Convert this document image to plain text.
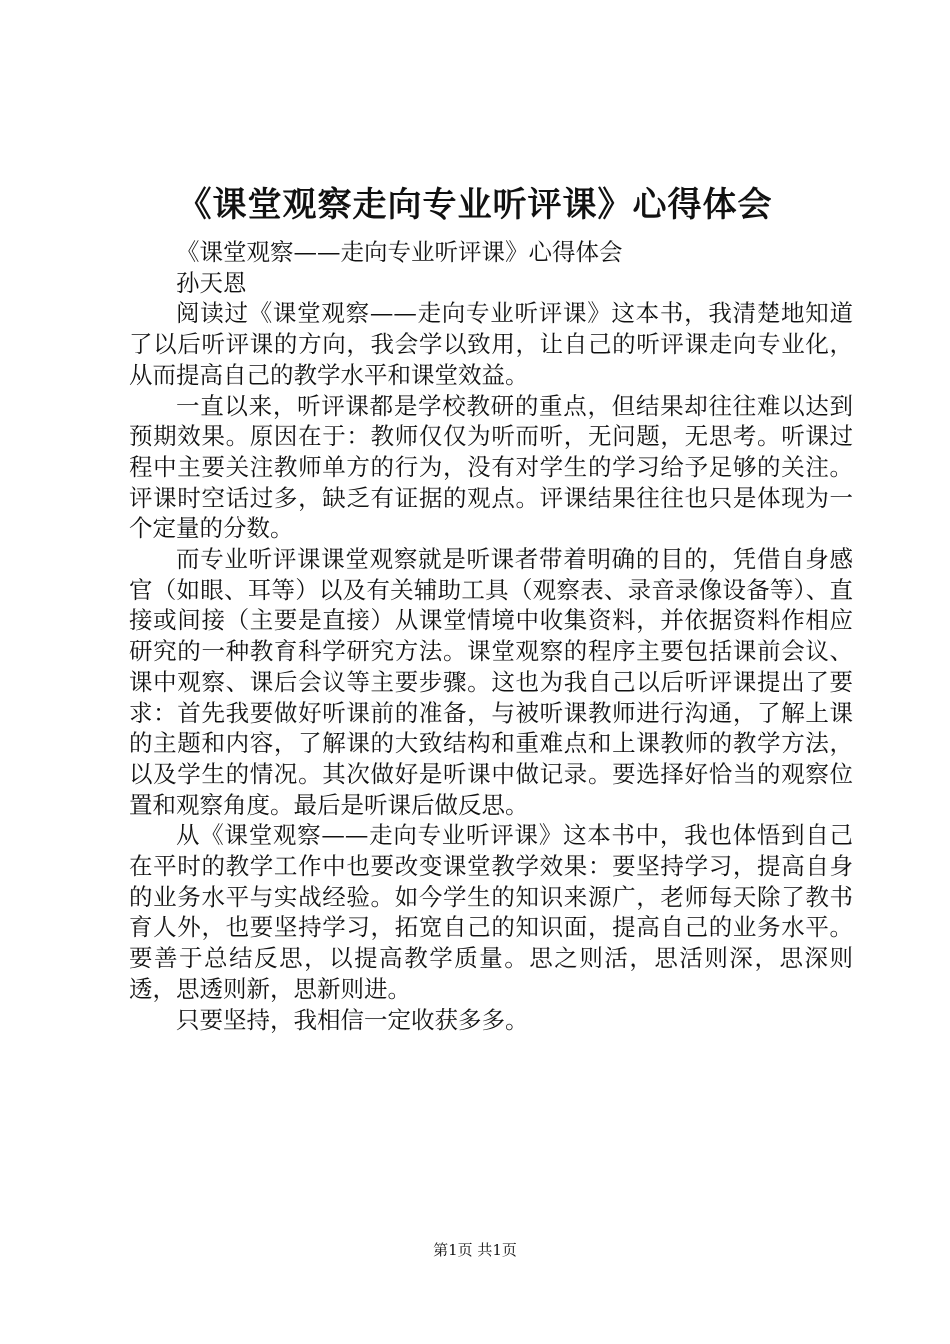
《课堂观察走向专业听评课》心得体会

《课堂观察——走向专业听评课》心得体会

孙天恩

阅读过《课堂观察——走向专业听评课》这本书，我清楚地知道了以后听评课的方向，我会学以致用，让自己的听评课走向专业化，从而提高自己的教学水平和课堂效益。

一直以来，听评课都是学校教研的重点，但结果却往往难以达到预期效果。原因在于：教师仅仅为听而听，无问题，无思考。听课过程中主要关注教师单方的行为，没有对学生的学习给予足够的关注。评课时空话过多，缺乏有证据的观点。评课结果往往也只是体现为一个定量的分数。

而专业听评课课堂观察就是听课者带着明确的目的，凭借自身感官（如眼、耳等）以及有关辅助工具（观察表、录音录像设备等）、直接或间接（主要是直接）从课堂情境中收集资料，并依据资料作相应研究的一种教育科学研究方法。课堂观察的程序主要包括课前会议、课中观察、课后会议等主要步骤。这也为我自己以后听评课提出了要求：首先我要做好听课前的准备，与被听课教师进行沟通，了解上课的主题和内容，了解课的大致结构和重难点和上课教师的教学方法，以及学生的情况。其次做好是听课中做记录。要选择好恰当的观察位置和观察角度。最后是听课后做反思。

从《课堂观察——走向专业听评课》这本书中，我也体悟到自己在平时的教学工作中也要改变课堂教学效果：要坚持学习，提高自身的业务水平与实战经验。如今学生的知识来源广，老师每天除了教书育人外，也要坚持学习，拓宽自己的知识面，提高自己的业务水平。要善于总结反思，以提高教学质量。思之则活，思活则深，思深则透，思透则新，思新则进。

只要坚持，我相信一定收获多多。

第1页 共1页
